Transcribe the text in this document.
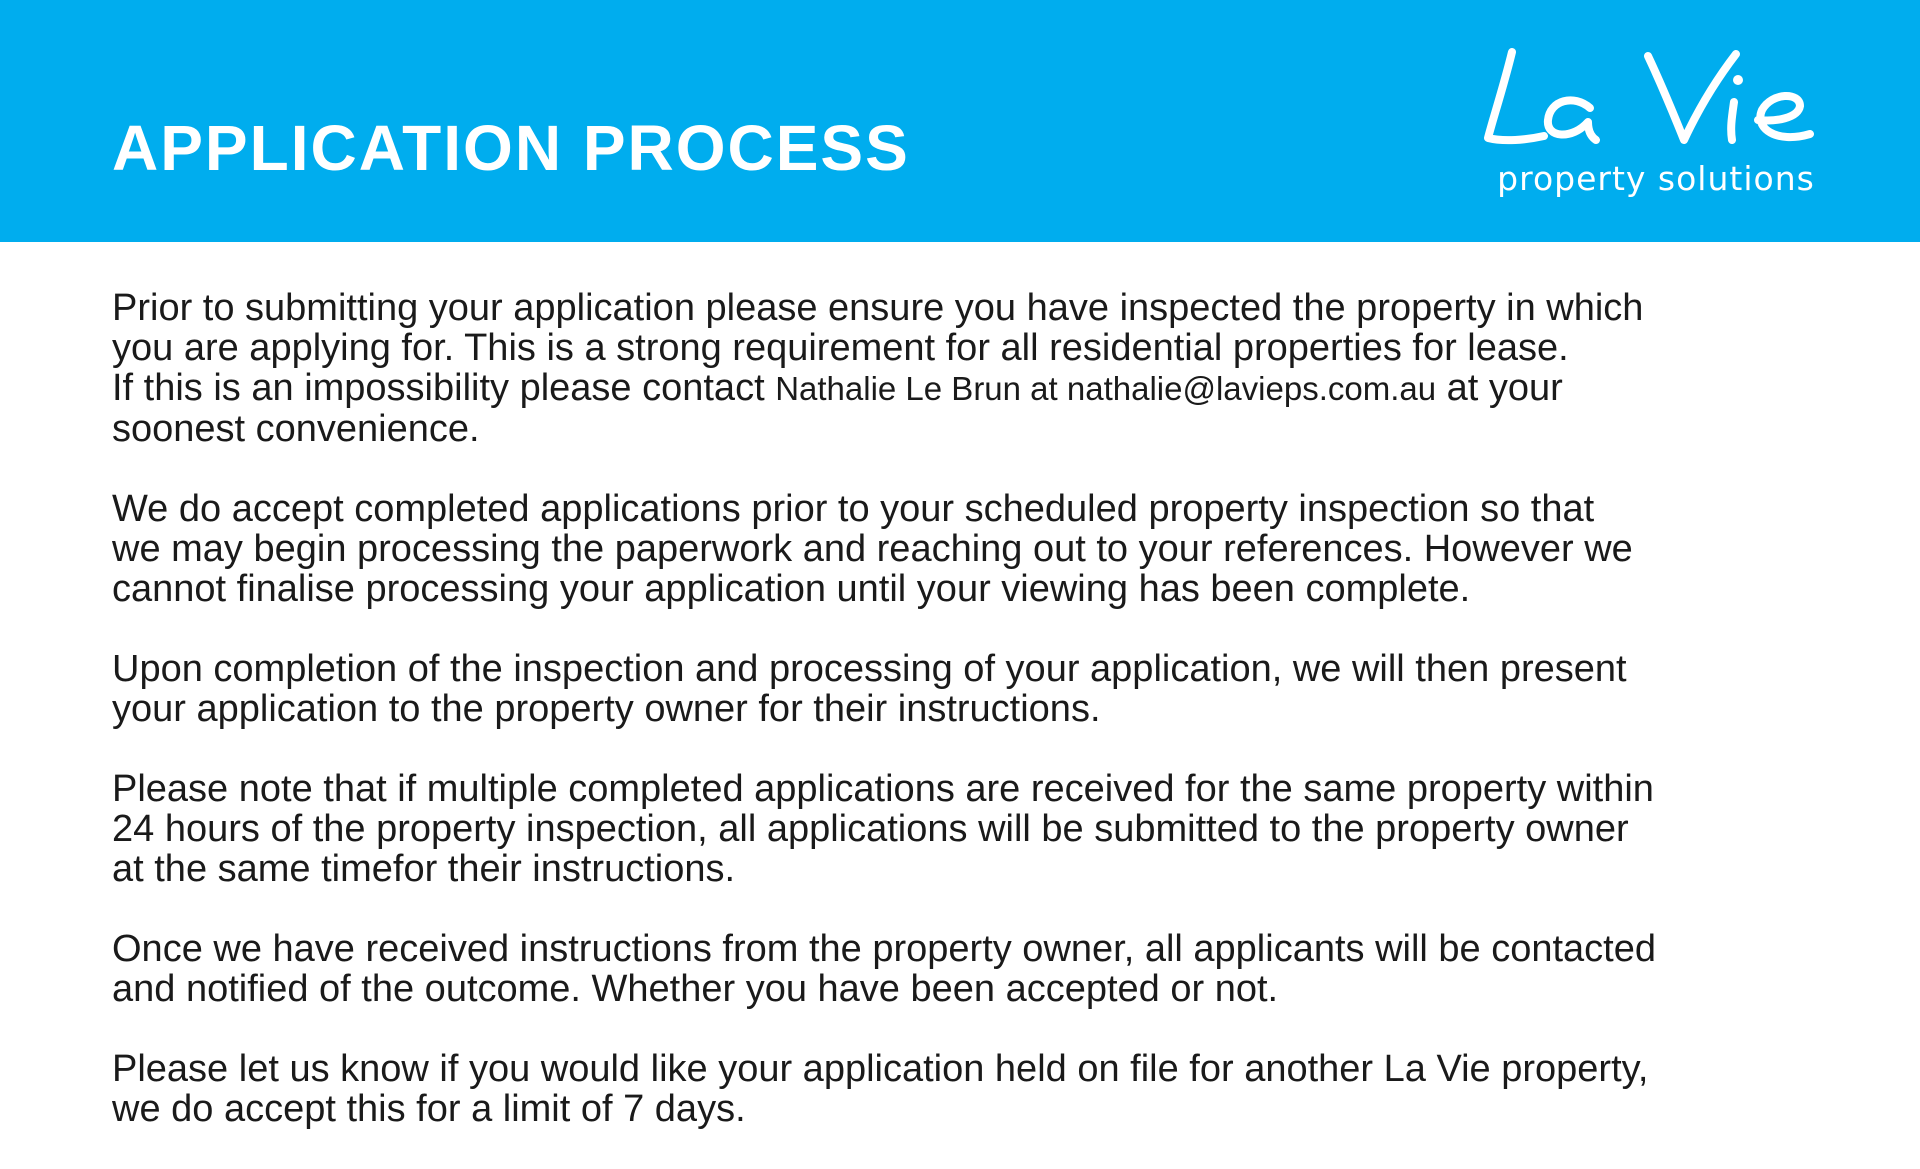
APPLICATION PROCESS	property solutions

Prior to submitting your application please ensure you have inspected the property in which
you are applying for. This is a strong requirement for all residential properties for lease.
If this is an impossibility please contact Nathalie Le Brun at nathalie@lavieps.com.au at your
soonest convenience.

We do accept completed applications prior to your scheduled property inspection so that
we may begin processing the paperwork and reaching out to your references. However we
cannot finalise processing your application until your viewing has been complete.

Upon completion of the inspection and processing of your application, we will then present
your application to the property owner for their instructions.

Please note that if multiple completed applications are received for the same property within
24 hours of the property inspection, all applications will be submitted to the property owner
at the same timefor their instructions.

Once we have received instructions from the property owner, all applicants will be contacted
and notified of the outcome. Whether you have been accepted or not.

Please let us know if you would like your application held on file for another La Vie property,
we do accept this for a limit of 7 days.
